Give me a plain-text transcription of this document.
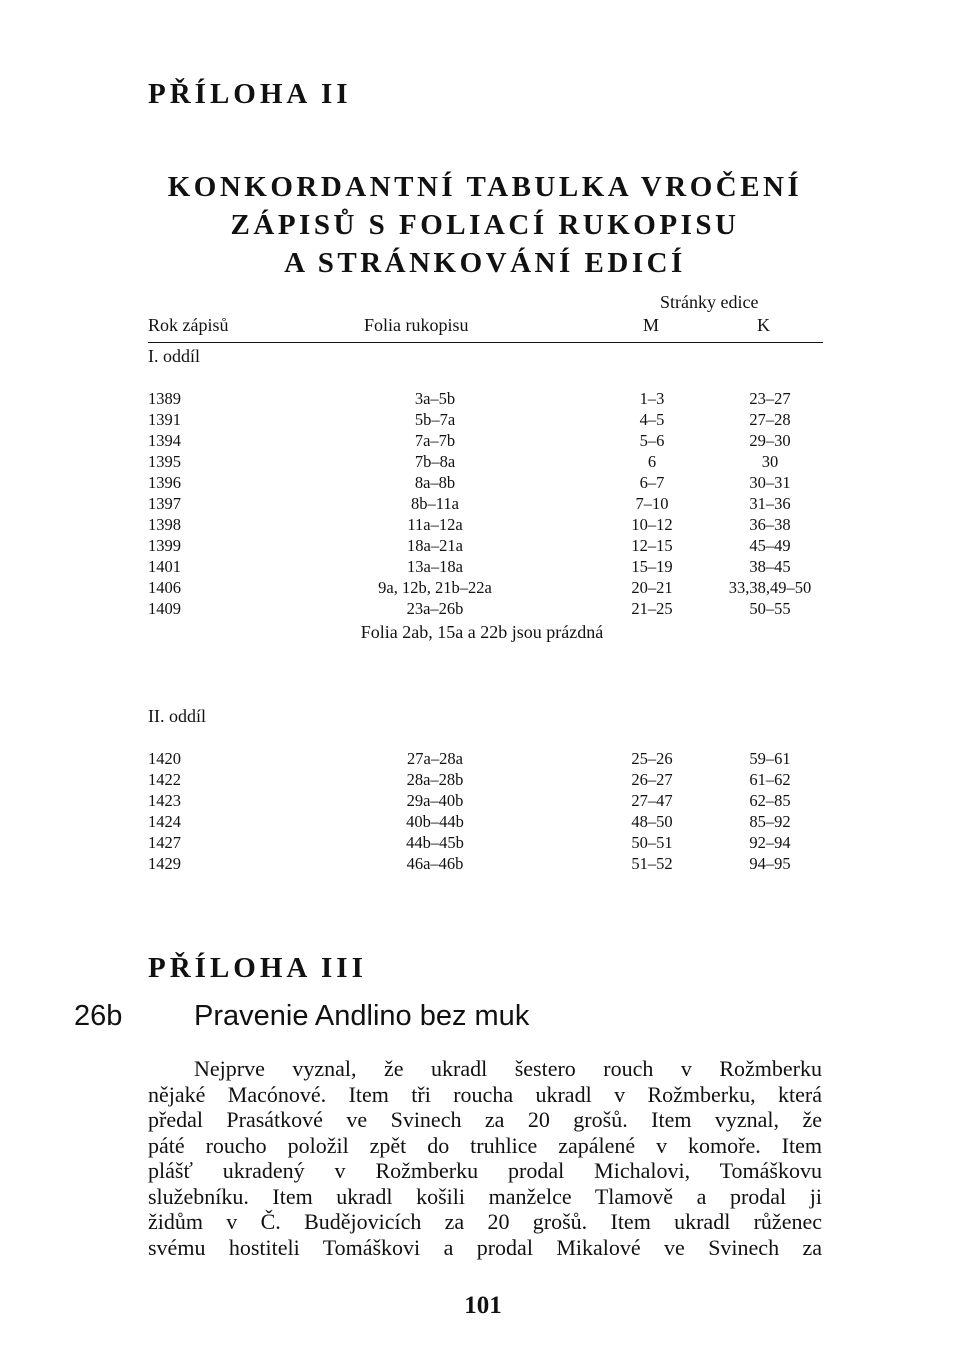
PŘÍLOHA II
KONKORDANTNÍ TABULKA VROČENÍ
ZÁPISŮ S FOLIACÍ RUKOPISU
A STRÁNKOVÁNÍ EDICÍ
Stránky edice
Rok zápisů	Folia rukopisu	M	K
I. oddíl
1389	3a–5b	1–3	23–27
1391	5b–7a	4–5	27–28
1394	7a–7b	5–6	29–30
1395	7b–8a	6	30
1396	8a–8b	6–7	30–31
1397	8b–11a	7–10	31–36
1398	11a–12a	10–12	36–38
1399	18a–21a	12–15	45–49
1401	13a–18a	15–19	38–45
1406	9a, 12b, 21b–22a	20–21	33,38,49–50
1409	23a–26b	21–25	50–55
Folia 2ab, 15a a 22b jsou prázdná
II. oddíl
1420	27a–28a	25–26	59–61
1422	28a–28b	26–27	61–62
1423	29a–40b	27–47	62–85
1424	40b–44b	48–50	85–92
1427	44b–45b	50–51	92–94
1429	46a–46b	51–52	94–95
PŘÍLOHA III
26b Pravenie Andlino bez muk

Nejprve vyznal, že ukradl šestero rouch v Rožmberku
nějaké Macónové. Item tři roucha ukradl v Rožmberku, která
předal Prasátkové ve Svinech za 20 grošů. Item vyznal, že
páté roucho položil zpět do truhlice zapálené v komoře. Item
plášť ukradený v Rožmberku prodal Michalovi, Tomáškovu
služebníku. Item ukradl košili manželce Tlamově a prodal ji
židům v Č. Budějovicích za 20 grošů. Item ukradl růženec
svému hostiteli Tomáškovi a prodal Mikalové ve Svinech za

101
